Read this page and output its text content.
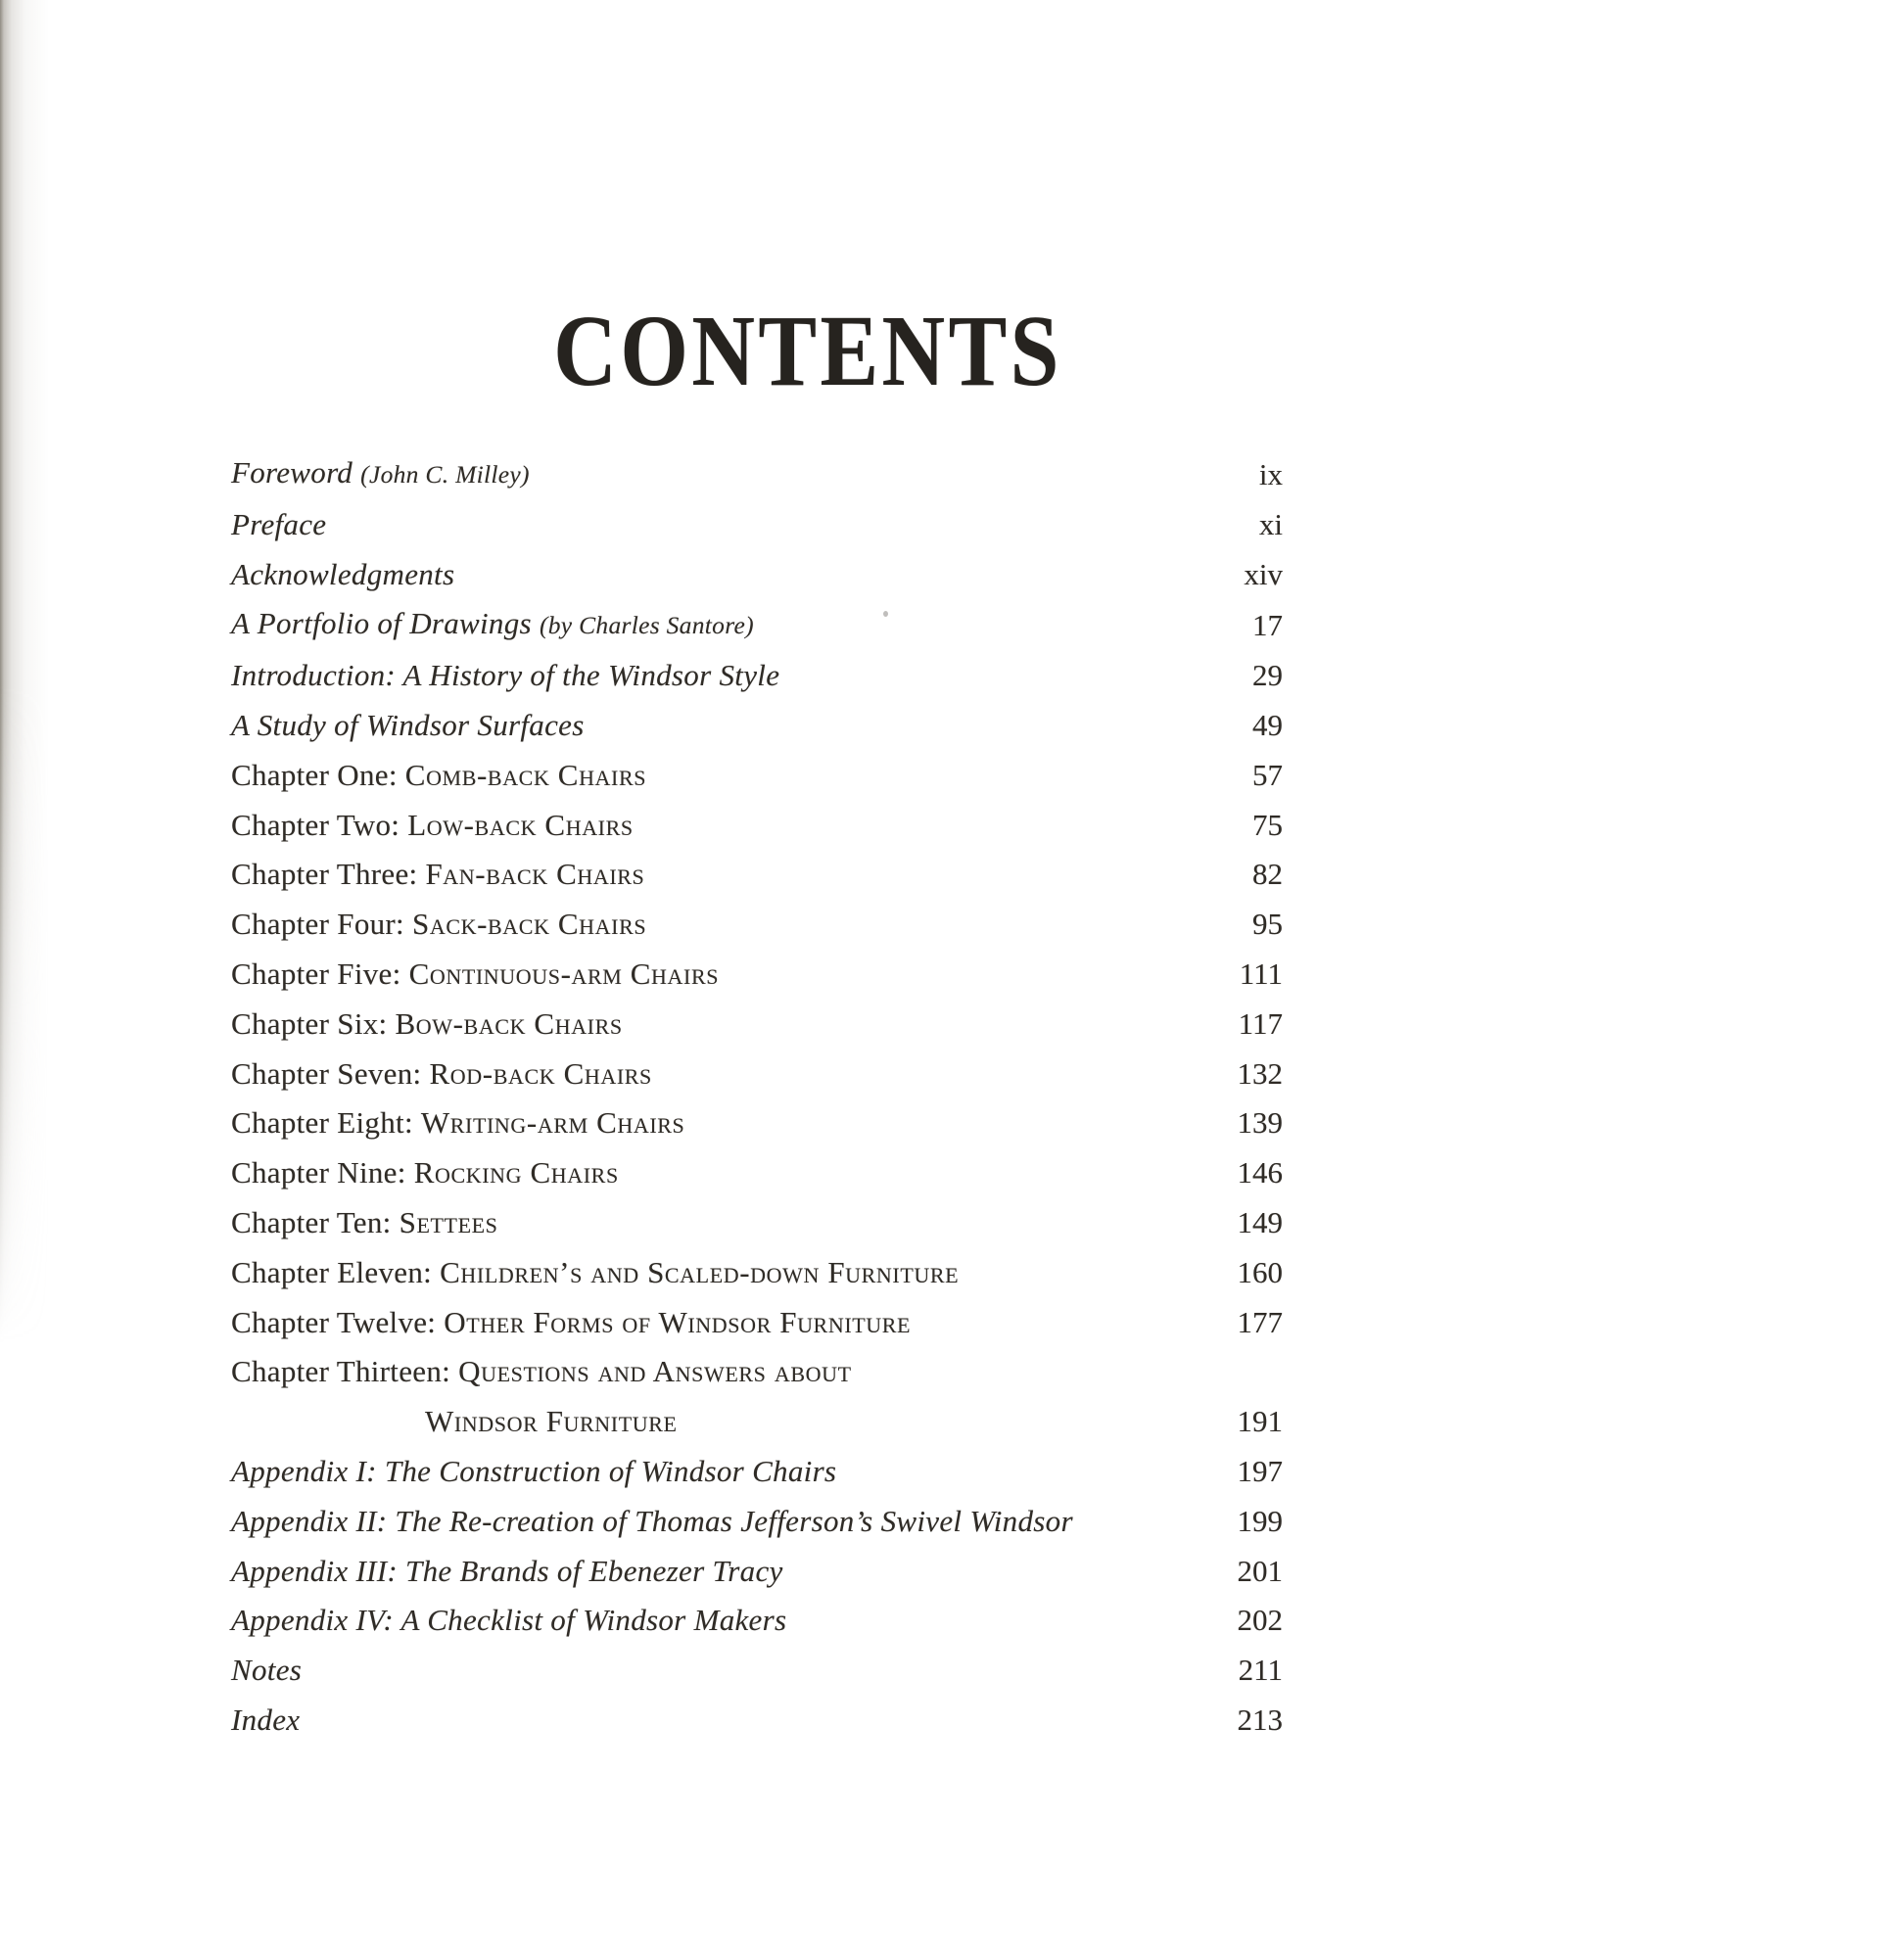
CONTENTS
Foreword (John C. Milley)	ix
Preface	xi
Acknowledgments	xiv
A Portfolio of Drawings (by Charles Santore)	17
Introduction: A History of the Windsor Style	29
A Study of Windsor Surfaces	49
Chapter One: Comb-back Chairs	57
Chapter Two: Low-back Chairs	75
Chapter Three: Fan-back Chairs	82
Chapter Four: Sack-back Chairs	95
Chapter Five: Continuous-arm Chairs	111
Chapter Six: Bow-back Chairs	117
Chapter Seven: Rod-back Chairs	132
Chapter Eight: Writing-arm Chairs	139
Chapter Nine: Rocking Chairs	146
Chapter Ten: Settees	149
Chapter Eleven: Children’s and Scaled-down Furniture	160
Chapter Twelve: Other Forms of Windsor Furniture	177
Chapter Thirteen: Questions and Answers about
Windsor Furniture	191
Appendix I: The Construction of Windsor Chairs	197
Appendix II: The Re-creation of Thomas Jefferson’s Swivel Windsor	199
Appendix III: The Brands of Ebenezer Tracy	201
Appendix IV: A Checklist of Windsor Makers	202
Notes	211
Index	213
